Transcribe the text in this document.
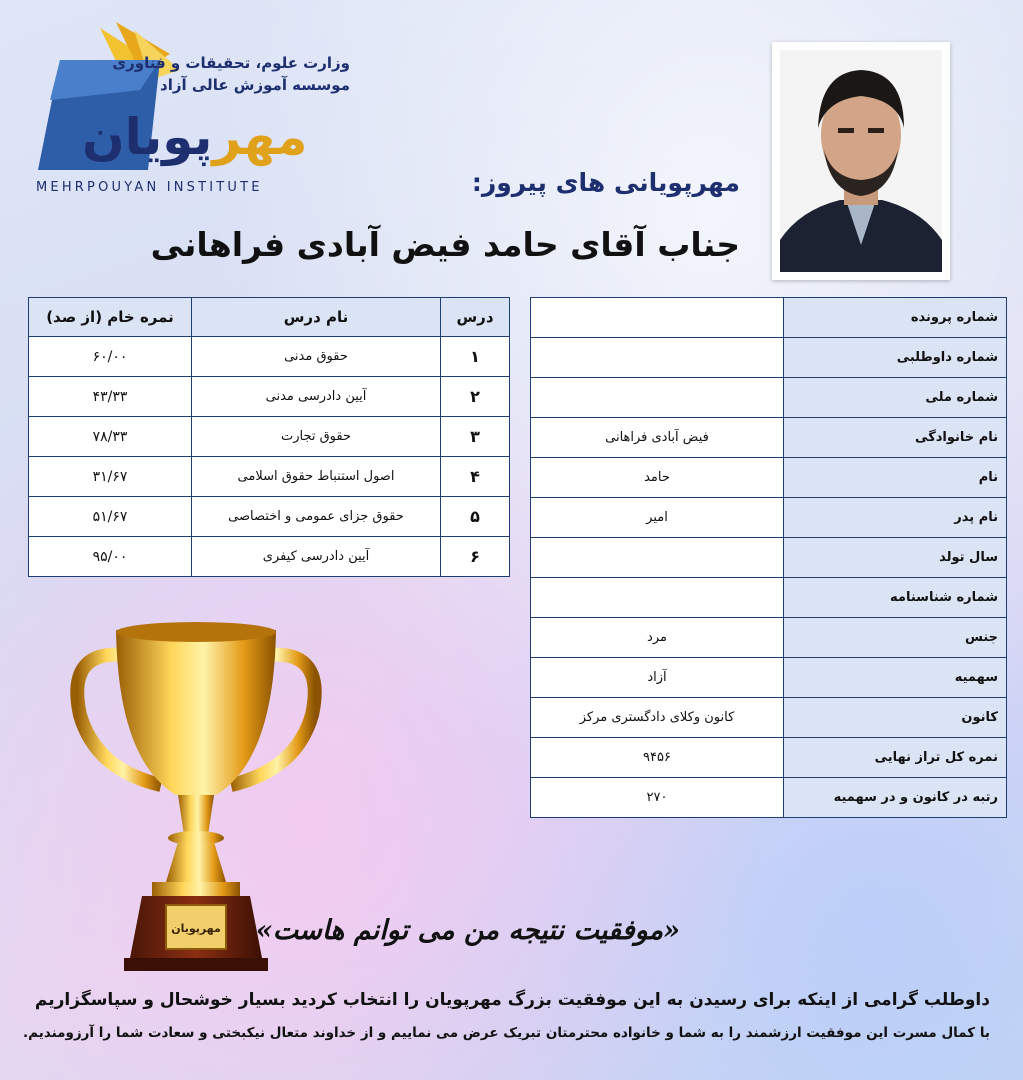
وزارت علوم، تحقیقات و فناوری
موسسه آموزش عالی آزاد
مهرپویان
MEHRPOUYAN INSTITUTE	مهرپویانی های پیروز:
جناب آقای حامد فیض آبادی فراهانی
شماره پرونده	
شماره داوطلبی	
شماره ملی	
نام خانوادگی	فیض آبادی فراهانی
نام	حامد
نام پدر	امیر
سال تولد	
شماره شناسنامه	
جنس	مرد
سهمیه	آزاد
کانون	کانون وکلای دادگستری مرکز
نمره کل تراز نهایی	۹۴۵۶
رتبه در کانون و در سهمیه	۲۷۰
درس	نام درس	نمره خام (از صد)
۱	حقوق مدنی	۶۰/۰۰
۲	آیین دادرسی مدنی	۴۳/۳۳
۳	حقوق تجارت	۷۸/۳۳
۴	اصول استنباط حقوق اسلامی	۳۱/۶۷
۵	حقوق جزای عمومی و اختصاصی	۵۱/۶۷
۶	آیین دادرسی کیفری	۹۵/۰۰
مهرپویان «موفقیت نتیجه من می توانم هاست»
داوطلب گرامی از اینکه برای رسیدن به این موفقیت بزرگ مهرپویان را انتخاب کردید بسیار خوشحال و سپاسگزاریم
با کمال مسرت این موفقیت ارزشمند را به شما و خانواده محترمتان تبریک عرض می نماییم و از خداوند متعال نیکبختی و سعادت شما را آرزومندیم.
